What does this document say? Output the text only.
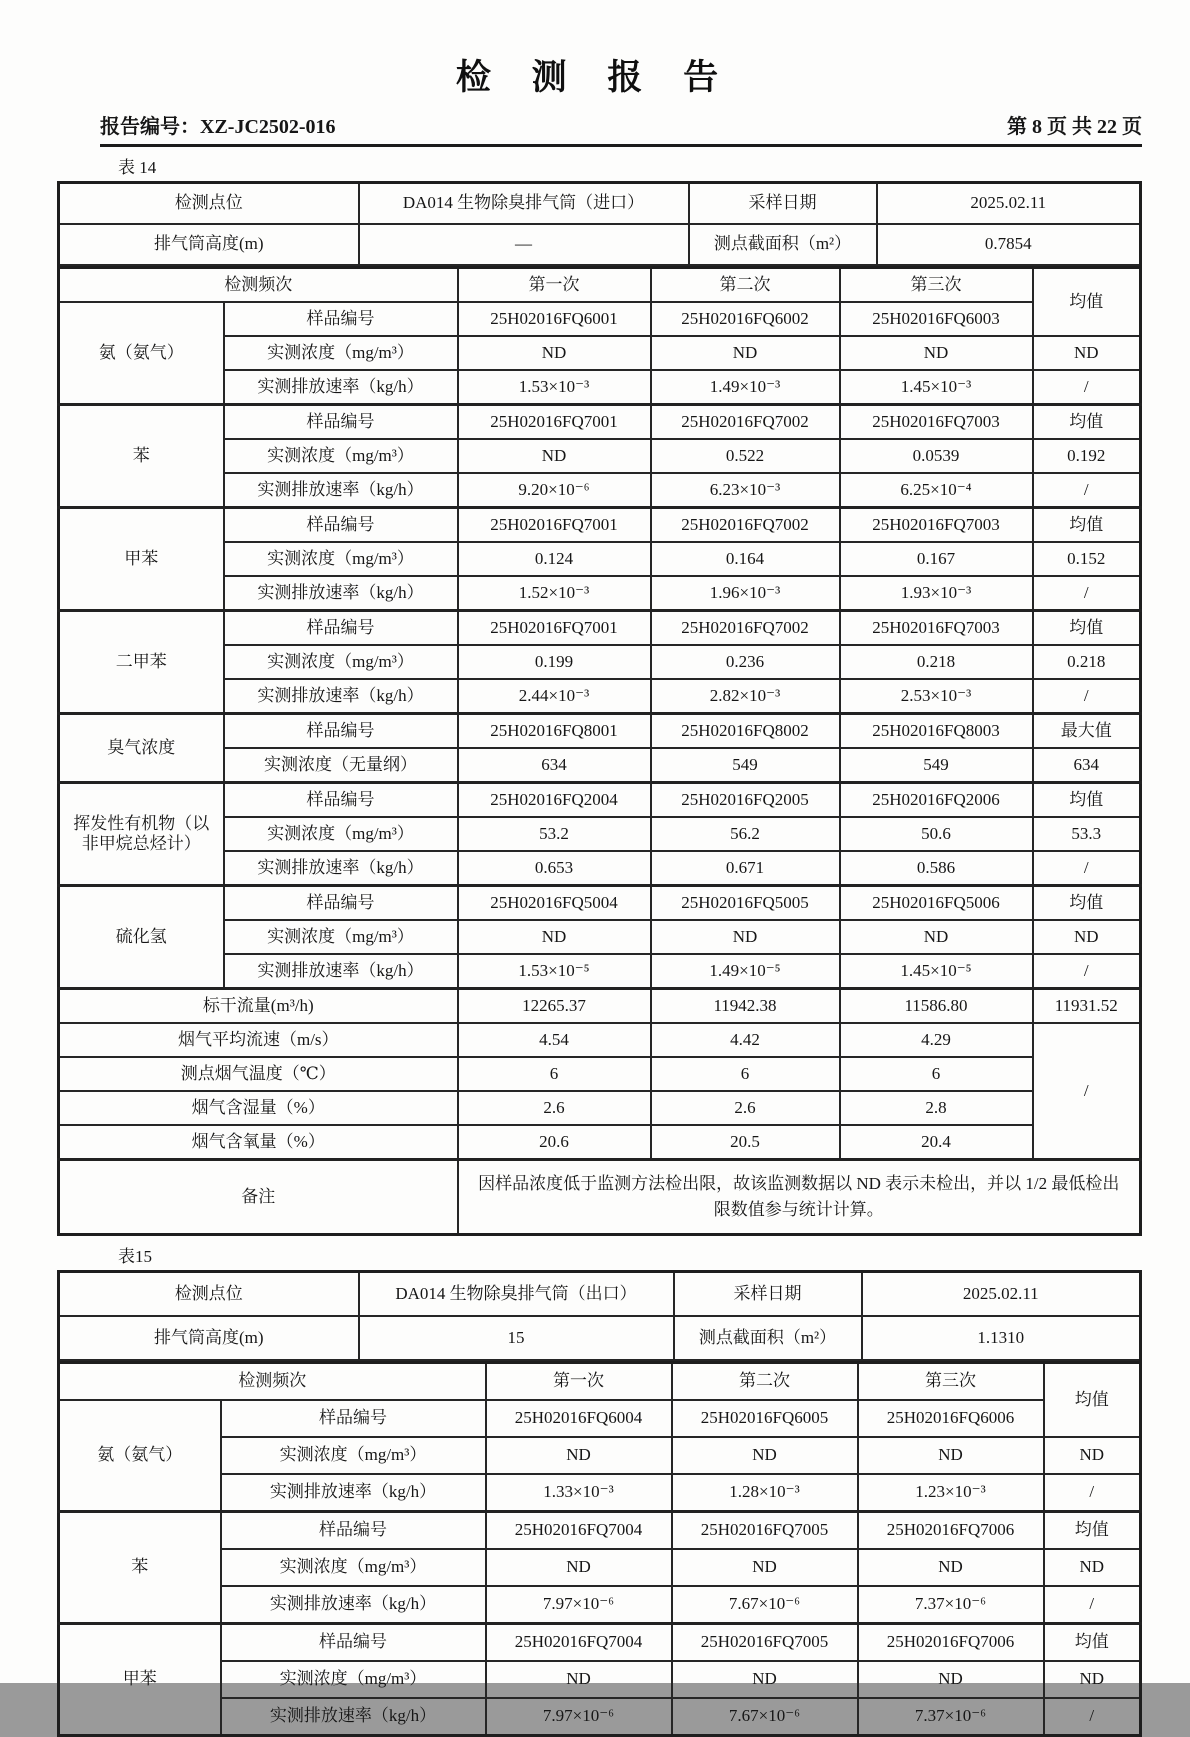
检 测 报 告
报告编号：XZ-JC2502-016	第 8 页 共 22 页
表 14
检测点位	DA014 生物除臭排气筒（进口）	采样日期	2025.02.11
排气筒高度(m)	—	测点截面积（m²）	0.7854
检测频次		第一次	第二次	第三次	均值
氨（氨气）	样品编号	25H02016FQ6001	25H02016FQ6002	25H02016FQ6003	
	实测浓度（mg/m³）	ND	ND	ND	ND
	实测排放速率（kg/h）	1.53×10⁻³	1.49×10⁻³	1.45×10⁻³	/
苯	样品编号	25H02016FQ7001	25H02016FQ7002	25H02016FQ7003	均值
	实测浓度（mg/m³）	ND	0.522	0.0539	0.192
	实测排放速率（kg/h）	9.20×10⁻⁶	6.23×10⁻³	6.25×10⁻⁴	/
甲苯	样品编号	25H02016FQ7001	25H02016FQ7002	25H02016FQ7003	均值
	实测浓度（mg/m³）	0.124	0.164	0.167	0.152
	实测排放速率（kg/h）	1.52×10⁻³	1.96×10⁻³	1.93×10⁻³	/
二甲苯	样品编号	25H02016FQ7001	25H02016FQ7002	25H02016FQ7003	均值
	实测浓度（mg/m³）	0.199	0.236	0.218	0.218
	实测排放速率（kg/h）	2.44×10⁻³	2.82×10⁻³	2.53×10⁻³	/
臭气浓度	样品编号	25H02016FQ8001	25H02016FQ8002	25H02016FQ8003	最大值
	实测浓度（无量纲）	634	549	549	634
挥发性有机物（以非甲烷总烃计）	样品编号	25H02016FQ2004	25H02016FQ2005	25H02016FQ2006	均值
	实测浓度（mg/m³）	53.2	56.2	50.6	53.3
	实测排放速率（kg/h）	0.653	0.671	0.586	/
硫化氢	样品编号	25H02016FQ5004	25H02016FQ5005	25H02016FQ5006	均值
	实测浓度（mg/m³）	ND	ND	ND	ND
	实测排放速率（kg/h）	1.53×10⁻⁵	1.49×10⁻⁵	1.45×10⁻⁵	/
标干流量(m³/h)		12265.37	11942.38	11586.80	11931.52
烟气平均流速（m/s）		4.54	4.42	4.29	/
测点烟气温度（℃）		6	6	6	
烟气含湿量（%）		2.6	2.6	2.8	
烟气含氧量（%）		20.6	20.5	20.4	
备注		因样品浓度低于监测方法检出限，故该监测数据以 ND 表示未检出，并以 1/2 最低检出限数值参与统计计算。			
表15
检测点位	DA014 生物除臭排气筒（出口）	采样日期	2025.02.11
排气筒高度(m)	15	测点截面积（m²）	1.1310
检测频次		第一次	第二次	第三次	均值
氨（氨气）	样品编号	25H02016FQ6004	25H02016FQ6005	25H02016FQ6006	
	实测浓度（mg/m³）	ND	ND	ND	ND
	实测排放速率（kg/h）	1.33×10⁻³	1.28×10⁻³	1.23×10⁻³	/
苯	样品编号	25H02016FQ7004	25H02016FQ7005	25H02016FQ7006	均值
	实测浓度（mg/m³）	ND	ND	ND	ND
	实测排放速率（kg/h）	7.97×10⁻⁶	7.67×10⁻⁶	7.37×10⁻⁶	/
甲苯	样品编号	25H02016FQ7004	25H02016FQ7005	25H02016FQ7006	均值
	实测浓度（mg/m³）	ND	ND	ND	ND
	实测排放速率（kg/h）	7.97×10⁻⁶	7.67×10⁻⁶	7.37×10⁻⁶	/
